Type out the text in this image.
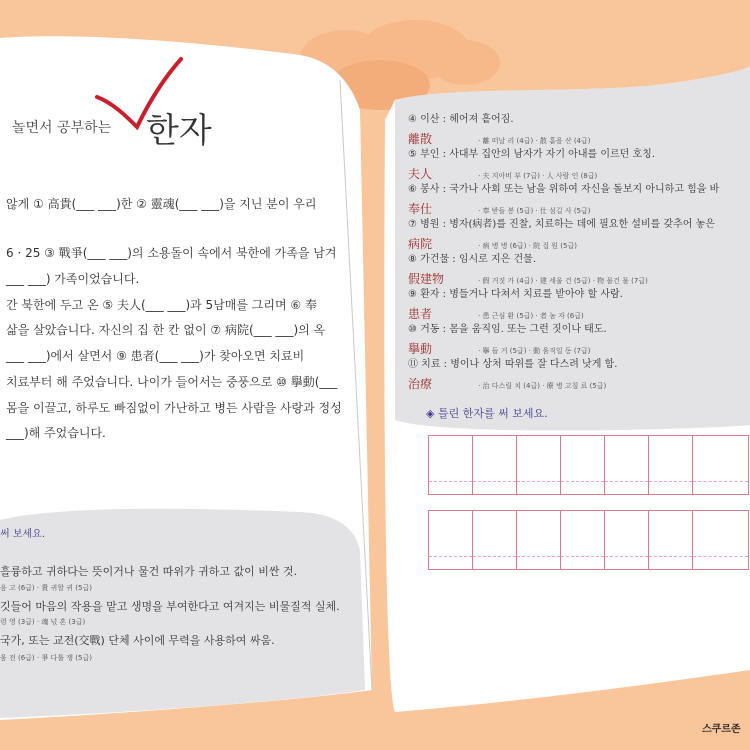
놀면서 공부하는 한자
않게 ① 高貴(___ ___)한 ② 靈魂(___ ___)을 지닌 분이 우리
6 · 25 ③ 戰爭(___ ___)의 소용돌이 속에서 북한에 가족을 남겨
___ ___) 가족이었습니다.
간 북한에 두고 온 ⑤ 夫人(___ ___)과 5남매를 그리며 ⑥ 奉
삶을 살았습니다. 자신의 집 한 칸 없이 ⑦ 病院(___ ___)의 옥
___ ___)에서 살면서 ⑨ 患者(___ ___)가 찾아오면 치료비
치료부터 해 주었습니다. 나이가 들어서는 중풍으로 ⑩ 擧動(___
몸을 이끌고, 하루도 빠짐없이 가난하고 병든 사람을 사랑과 정성
___)해 주었습니다.
써 보세요.
흘륭하고 귀하다는 뜻이거나 물건 따위가 귀하고 값이 비싼 것.
음 고 (6급) · 貴 귀할 귀 (5급)
깃들어 마음의 작용을 맡고 생명을 부여한다고 여겨지는 비물질적 실체.
령 영 (3급) · 魂 넋 혼 (3급)
국가, 또는 교전(交戰) 단체 사이에 무력을 사용하여 싸움.
움 전 (6급) · 爭 다툴 쟁 (5급)
④ 이산 : 헤어져 흩어짐.
離散	· 離 떠날 리 (4급) · 散 흩을 산 (4급)
⑤ 부인 : 사대부 집안의 남자가 자기 아내를 이르던 호칭.
夫人	· 夫 지아비 부 (7급) · 人 사람 인 (8급)
⑥ 봉사 : 국가나 사회 또는 남을 위하여 자신을 돌보지 아니하고 힘을 바
奉仕	· 奉 받들 봉 (5급) · 仕 섬길 사 (5급)
⑦ 병원 : 병자(病者)를 진찰, 치료하는 데에 필요한 설비를 갖추어 놓은
病院	· 病 병 병 (6급) · 院 집 원 (5급)
⑧ 가건물 : 임시로 지은 건물.
假建物	· 假 거짓 가 (4급) · 建 세울 건 (5급) · 物 물건 물 (7급)
⑨ 환자 : 병들거나 다쳐서 치료를 받아야 할 사람.
患者	· 患 근심 환 (5급) · 者 놈 자 (6급)
⑩ 거동 : 몸을 움직임. 또는 그런 짓이나 태도.
擧動	· 擧 들 거 (5급) · 動 움직일 동 (7급)
⑪ 치료 : 병이나 상처 따위를 잘 다스려 낫게 함.
治療	· 治 다스릴 치 (4급) · 療 병 고칠 료 (5급)
◈ 틀린 한자를 써 보세요.
스쿠르존
